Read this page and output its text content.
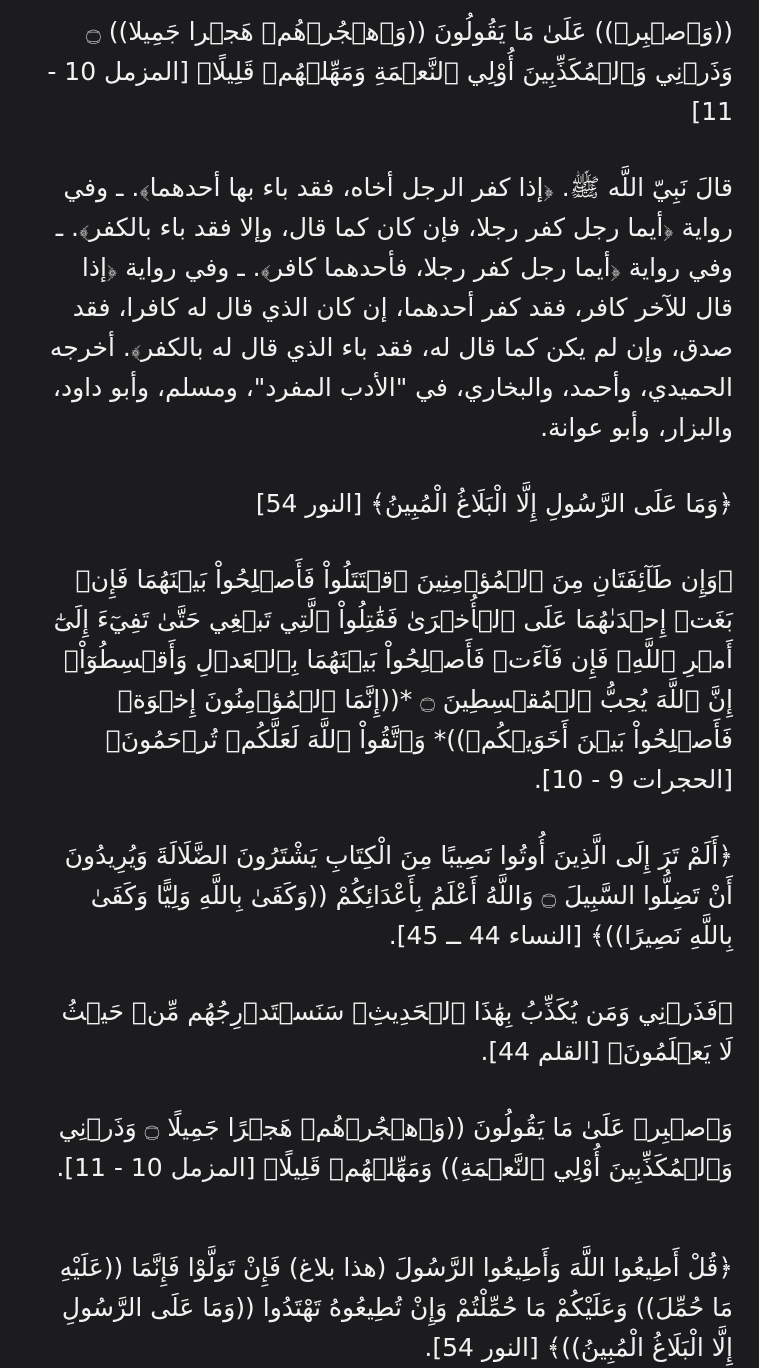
((وَٱصۡبِرۡ)) عَلَىٰ مَا يَقُولُونَ ((وَٱهۡجُرۡهُمۡ هَجۡرا جَمِيلا)) ۝ وَذَرۡنِي وَٱلۡمُكَذِّبِينَ أُوْلِي ٱلنَّعۡمَةِ وَمَهِّلۡهُمۡ قَلِيلًا﴾ [المزمل 10 - 11]

قالَ نَبِيّ اللَّه ﷺ. ﴿إذا كفر الرجل أخاه، فقد باء بها أحدهما﴾. ـ وفي رواية ﴿أيما رجل كفر رجلا، فإن كان كما قال، وإلا فقد باء بالكفر﴾. ـ وفي رواية ﴿أيما رجل كفر رجلا، فأحدهما كافر﴾. ـ وفي رواية ﴿إذا قال للآخر كافر، فقد كفر أحدهما، إن كان الذي قال له كافرا، فقد صدق، وإن لم يكن كما قال له، فقد باء الذي قال له بالكفر﴾. أخرجه الحميدي، وأحمد، والبخاري، في "الأدب المفرد"، ومسلم، وأبو داود، والبزار، وأبو عوانة.

﴿وَمَا عَلَى الرَّسُولِ إِلَّا الْبَلَاغُ الْمُبِينُ﴾ [النور 54]

﴿وَإِن طَآئِفَتَانِ مِنَ ٱلۡمُؤۡمِنِينَ ٱقۡتَتَلُواْ فَأَصۡلِحُواْ بَيۡنَهُمَا فَإِنۢ بَغَتۡ إِحۡدَىٰهُمَا عَلَى ٱلۡأُخۡرَىٰ فَقَٰتِلُواْ ٱلَّتِي تَبۡغِي حَتَّىٰ تَفِيٓءَ إِلَىٰٓ أَمۡرِ ٱللَّهِۚ فَإِن فَآءَتۡ فَأَصۡلِحُواْ بَيۡنَهُمَا بِٱلۡعَدۡلِ وَأَقۡسِطُوٓاْۖ إِنَّ ٱللَّهَ يُحِبُّ ٱلۡمُقۡسِطِينَ ۝ *((إِنَّمَا ٱلۡمُؤۡمِنُونَ إِخۡوَةٞ فَأَصۡلِحُواْ بَيۡنَ أَخَوَيۡكُمۡ))* وَٱتَّقُواْ ٱللَّهَ لَعَلَّكُمۡ تُرۡحَمُونَ﴾ [الحجرات 9 - 10].

﴿أَلَمْ تَرَ إِلَى الَّذِينَ أُوتُوا نَصِيبًا مِنَ الْكِتَابِ يَشْتَرُونَ الضَّلَالَةَ وَيُرِيدُونَ أَنْ تَضِلُّوا السَّبِيلَ ۝ وَاللَّهُ أَعْلَمُ بِأَعْدَائِكُمْ ((وَكَفَىٰ بِاللَّهِ وَلِيًّا وَكَفَىٰ بِاللَّهِ نَصِيرًا))﴾ [النساء 44 ــ 45].

﴿فَذَرۡنِي وَمَن يُكَذِّبُ بِهَٰذَا ٱلۡحَدِيثِۖ سَنَسۡتَدۡرِجُهُم مِّنۡ حَيۡثُ لَا يَعۡلَمُونَ﴾ [القلم 44].

وَٱصۡبِرۡ عَلَىٰ مَا يَقُولُونَ ((وَٱهۡجُرۡهُمۡ هَجۡرًا جَمِيلًا ۝ وَذَرۡنِي وَٱلۡمُكَذِّبِينَ أُوْلِي ٱلنَّعۡمَةِ)) وَمَهِّلۡهُمۡ قَلِيلًا﴾ [المزمل 10 - 11].

﴿قُلْ أَطِيعُوا اللَّهَ وَأَطِيعُوا الرَّسُولَ (هذا بلاغ) فَإِنْ تَوَلَّوْا فَإِنَّمَا ((عَلَيْهِ مَا حُمِّلَ)) وَعَلَيْكُمْ مَا حُمِّلْتُمْ وَإِنْ تُطِيعُوهُ تَهْتَدُوا ((وَمَا عَلَى الرَّسُولِ إِلَّا الْبَلَاغُ الْمُبِينُ))﴾ [النور 54].
